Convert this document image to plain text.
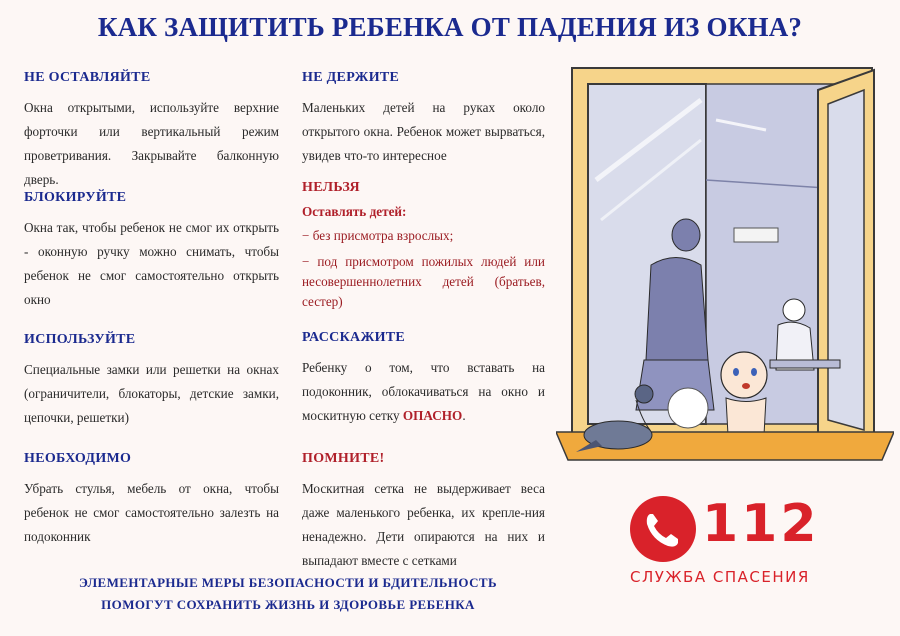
КАК ЗАЩИТИТЬ РЕБЕНКА ОТ ПАДЕНИЯ ИЗ ОКНА?
НЕ ОСТАВЛЯЙТЕ
Окна открытыми, используйте верхние форточки или вертикальный режим проветривания. Закрывайте балконную дверь.
БЛОКИРУЙТЕ
Окна так, чтобы ребенок не смог их открыть - оконную ручку можно снимать, чтобы ребенок не смог самостоятельно открыть окно
ИСПОЛЬЗУЙТЕ
Специальные замки или решетки на окнах (ограничители, блокаторы, детские замки, цепочки, решетки)
НЕОБХОДИМО
Убрать стулья, мебель от окна, чтобы ребенок не смог самостоятельно залезть на подоконник
НЕ ДЕРЖИТЕ
Маленьких детей на руках около открытого окна. Ребенок может вырваться, увидев что-то интересное
НЕЛЬЗЯ
Оставлять детей:
− без присмотра взрослых;
− под присмотром пожилых людей или несовершеннолетних детей (братьев, сестер)
РАССКАЖИТЕ
Ребенку о том, что вставать на подоконник, облокачиваться на окно и москитную сетку ОПАСНО.
ПОМНИТЕ!
Москитная сетка не выдерживает веса даже маленького ребенка, их крепле-ния ненадежно. Дети опираются на них и выпадают вместе с сетками
ЭЛЕМЕНТАРНЫЕ МЕРЫ БЕЗОПАСНОСТИ И БДИТЕЛЬНОСТЬ
ПОМОГУТ СОХРАНИТЬ ЖИЗНЬ И ЗДОРОВЬЕ РЕБЕНКА
112
СЛУЖБА СПАСЕНИЯ
